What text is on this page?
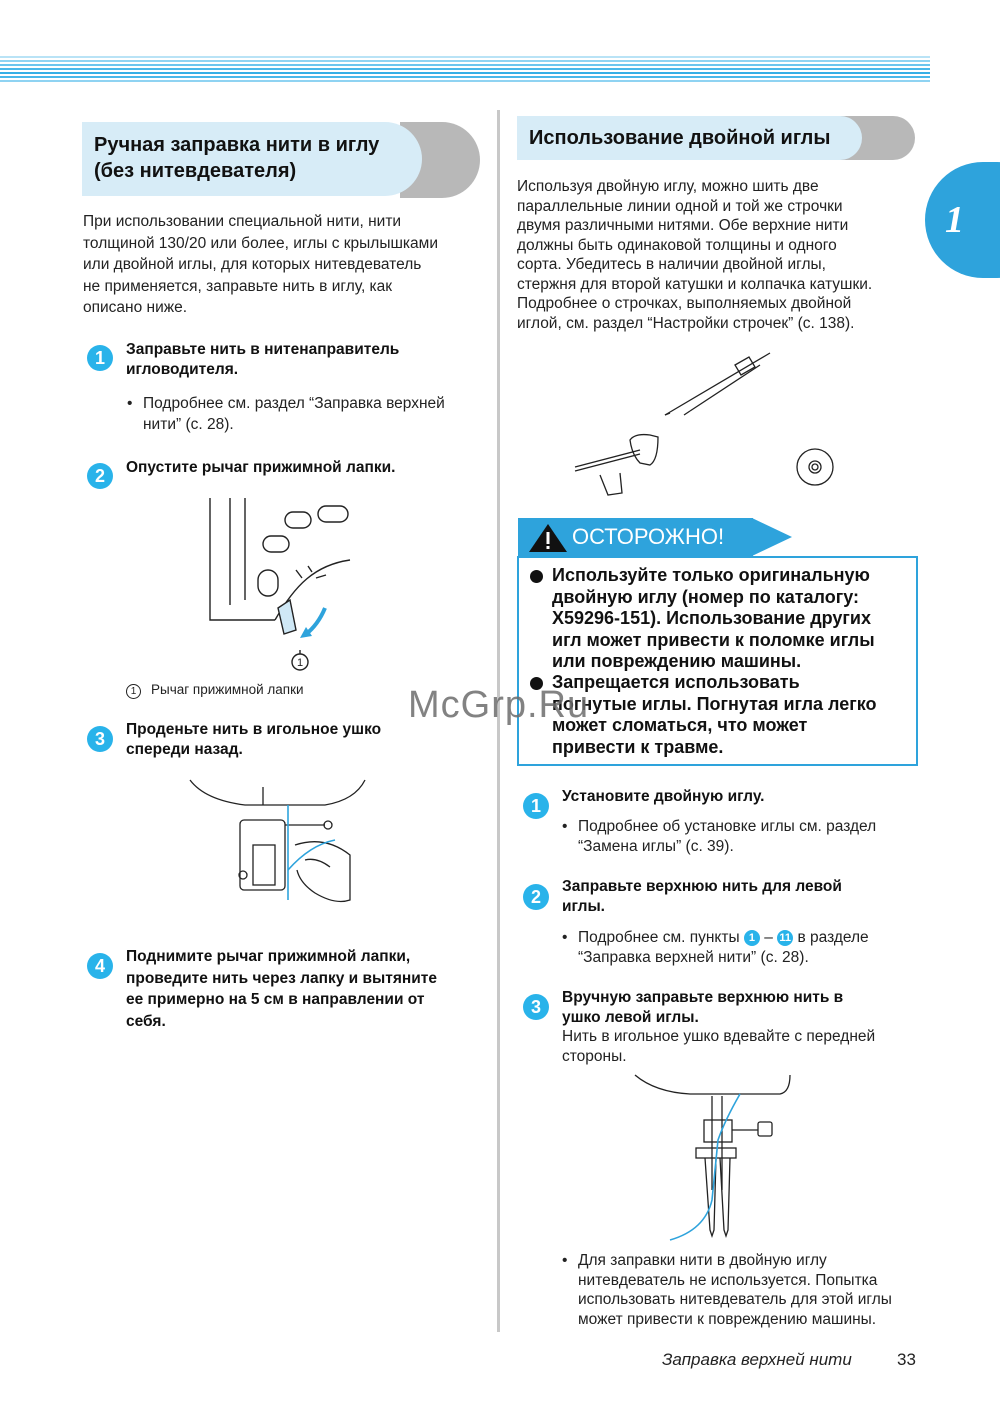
1
Ручная заправка нити в иглу
(без нитевдевателя)
При использовании специальной нити, нити
толщиной 130/20 или более, иглы с крылышками
или двойной иглы, для которых нитевдеватель
не применяется, заправьте нить в иглу, как
описано ниже.
1	Заправьте нить в нитенаправитель
игловодителя.
• Подробнее см. раздел “Заправка верхней
нити” (с. 28).
2	Опустите рычаг прижимной лапки.
1
1 Рычаг прижимной лапки
3	Проденьте нить в игольное ушко
спереди назад.
4	Поднимите рычаг прижимной лапки,
проведите нить через лапку и вытяните
ее примерно на 5 см в направлении от
себя.
Использование двойной иглы
Используя двойную иглу, можно шить две
параллельные линии одной и той же строчки
двумя различными нитями. Обе верхние нити
должны быть одинаковой толщины и одного
сорта. Убедитесь в наличии двойной иглы,
стержня для второй катушки и колпачка катушки.
Подробнее о строчках, выполняемых двойной
иглой, см. раздел “Настройки строчек” (с. 138).
ОСТОРОЖНО!
Используйте только оригинальную
двойную иглу (номер по каталогу:
X59296-151). Использование других
игл может привести к поломке иглы
или повреждению машины.
Запрещается использовать
погнутые иглы. Погнутая игла легко
может сломаться, что может
привести к травме.
1	Установите двойную иглу.
• Подробнее об установке иглы см. раздел
“Замена иглы” (с. 39).
2
Заправьте верхнюю нить для левой
иглы.
• Подробнее см. пункты 1 – 11 в разделе
“Заправка верхней нити” (с. 28).
3	Вручную заправьте верхнюю нить в
ушко левой иглы.
Нить в игольное ушко вдевайте с передней
стороны.
• Для заправки нити в двойную иглу
нитевдеватель не используется. Попытка
использовать нитевдеватель для этой иглы
может привести к повреждению машины.
McGrp.Ru
Заправка верхней нити	33
